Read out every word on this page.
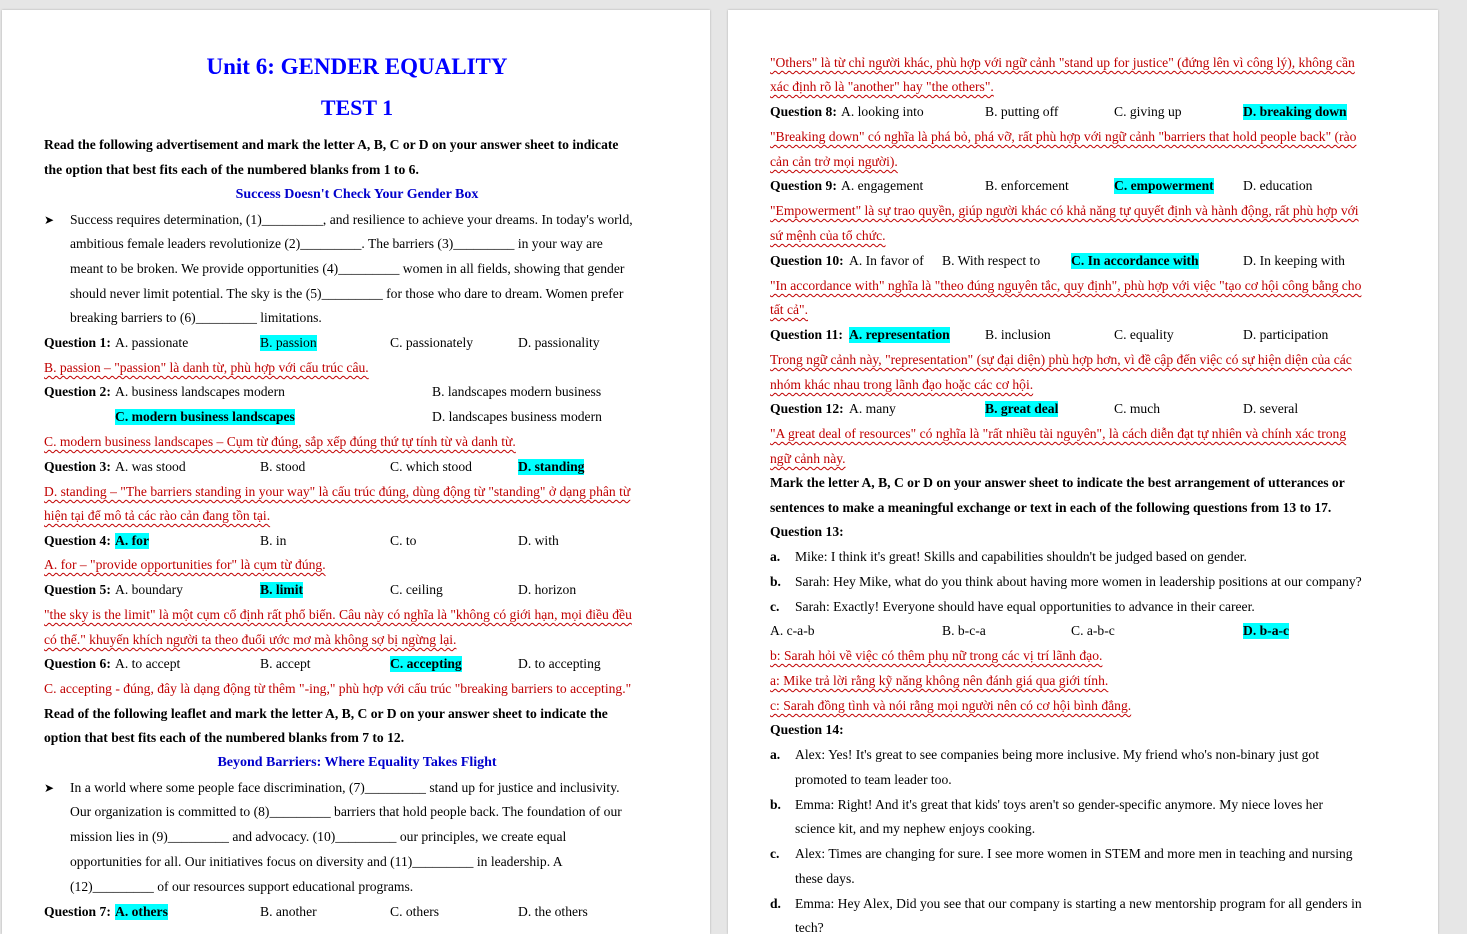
Unit 6: GENDER EQUALITY
TEST 1
Read the following advertisement and mark the letter A, B, C or D on your answer sheet to indicate
the option that best fits each of the numbered blanks from 1 to 6.
Success Doesn't Check Your Gender Box
➤ Success requires determination, (1)_________, and resilience to achieve your dreams. In today's world,
ambitious female leaders revolutionize (2)_________. The barriers (3)_________ in your way are
meant to be broken. We provide opportunities (4)_________ women in all fields, showing that gender
should never limit potential. The sky is the (5)_________ for those who dare to dream. Women prefer
breaking barriers to (6)_________ limitations.
Question 1: A. passionate	B. passion	C. passionately	D. passionality
B. passion – "passion" là danh từ, phù hợp với cấu trúc câu.
Question 2: A. business landscapes modern	B. landscapes modern business
C. modern business landscapes	D. landscapes business modern
C. modern business landscapes – Cụm từ đúng, sắp xếp đúng thứ tự tính từ và danh từ.
Question 3: A. was stood	B. stood	C. which stood	D. standing
D. standing – "The barriers standing in your way" là cấu trúc đúng, dùng động từ "standing" ở dạng phân từ
hiện tại để mô tả các rào cản đang tồn tại.
Question 4: A. for	B. in	C. to	D. with
A. for – "provide opportunities for" là cụm từ đúng.
Question 5: A. boundary	B. limit	C. ceiling	D. horizon
"the sky is the limit" là một cụm cố định rất phổ biến. Câu này có nghĩa là "không có giới hạn, mọi điều đều
có thể." khuyến khích người ta theo đuổi ước mơ mà không sợ bị ngừng lại.
Question 6: A. to accept	B. accept	C. accepting	D. to accepting
C. accepting - đúng, đây là dạng động từ thêm "-ing," phù hợp với cấu trúc "breaking barriers to accepting."
Read of the following leaflet and mark the letter A, B, C or D on your answer sheet to indicate the
option that best fits each of the numbered blanks from 7 to 12.
Beyond Barriers: Where Equality Takes Flight
➤ In a world where some people face discrimination, (7)_________ stand up for justice and inclusivity.
Our organization is committed to (8)_________ barriers that hold people back. The foundation of our
mission lies in (9)_________ and advocacy. (10)_________ our principles, we create equal
opportunities for all. Our initiatives focus on diversity and (11)_________ in leadership. A
(12)_________ of our resources support educational programs.
Question 7: A. others	B. another	C. others	D. the others
"Others" là từ chỉ người khác, phù hợp với ngữ cảnh "stand up for justice" (đứng lên vì công lý), không cần
xác định rõ là "another" hay "the others".
Question 8: A. looking into	B. putting off	C. giving up	D. breaking down
"Breaking down" có nghĩa là phá bỏ, phá vỡ, rất phù hợp với ngữ cảnh "barriers that hold people back" (rào
cản cản trở mọi người).
Question 9: A. engagement	B. enforcement	C. empowerment D. education
"Empowerment" là sự trao quyền, giúp người khác có khả năng tự quyết định và hành động, rất phù hợp với
sứ mệnh của tổ chức.
Question 10: A. In favor of B. With respect to C. In accordance with	D. In keeping with
"In accordance with" nghĩa là "theo đúng nguyên tắc, quy định", phù hợp với việc "tạo cơ hội công bằng cho
tất cả".
Question 11: A. representation	B. inclusion	C. equality	D. participation
Trong ngữ cảnh này, "representation" (sự đại diện) phù hợp hơn, vì đề cập đến việc có sự hiện diện của các
nhóm khác nhau trong lãnh đạo hoặc các cơ hội.
Question 12: A. many	B. great deal	C. much	D. several
"A great deal of resources" có nghĩa là "rất nhiều tài nguyên", là cách diễn đạt tự nhiên và chính xác trong
ngữ cảnh này.
Mark the letter A, B, C or D on your answer sheet to indicate the best arrangement of utterances or
sentences to make a meaningful exchange or text in each of the following questions from 13 to 17.
Question 13:
a. Mike: I think it's great! Skills and capabilities shouldn't be judged based on gender.
b. Sarah: Hey Mike, what do you think about having more women in leadership positions at our company?
c. Sarah: Exactly! Everyone should have equal opportunities to advance in their career.
A. c-a-b	B. b-c-a	C. a-b-c	D. b-a-c
b: Sarah hỏi về việc có thêm phụ nữ trong các vị trí lãnh đạo.
a: Mike trả lời rằng kỹ năng không nên đánh giá qua giới tính.
c: Sarah đồng tình và nói rằng mọi người nên có cơ hội bình đẳng.
Question 14:
a. Alex: Yes! It's great to see companies being more inclusive. My friend who's non-binary just got
promoted to team leader too.
b. Emma: Right! And it's great that kids' toys aren't so gender-specific anymore. My niece loves her
science kit, and my nephew enjoys cooking.
c. Alex: Times are changing for sure. I see more women in STEM and more men in teaching and nursing
these days.
d. Emma: Hey Alex, Did you see that our company is starting a new mentorship program for all genders in
tech?
